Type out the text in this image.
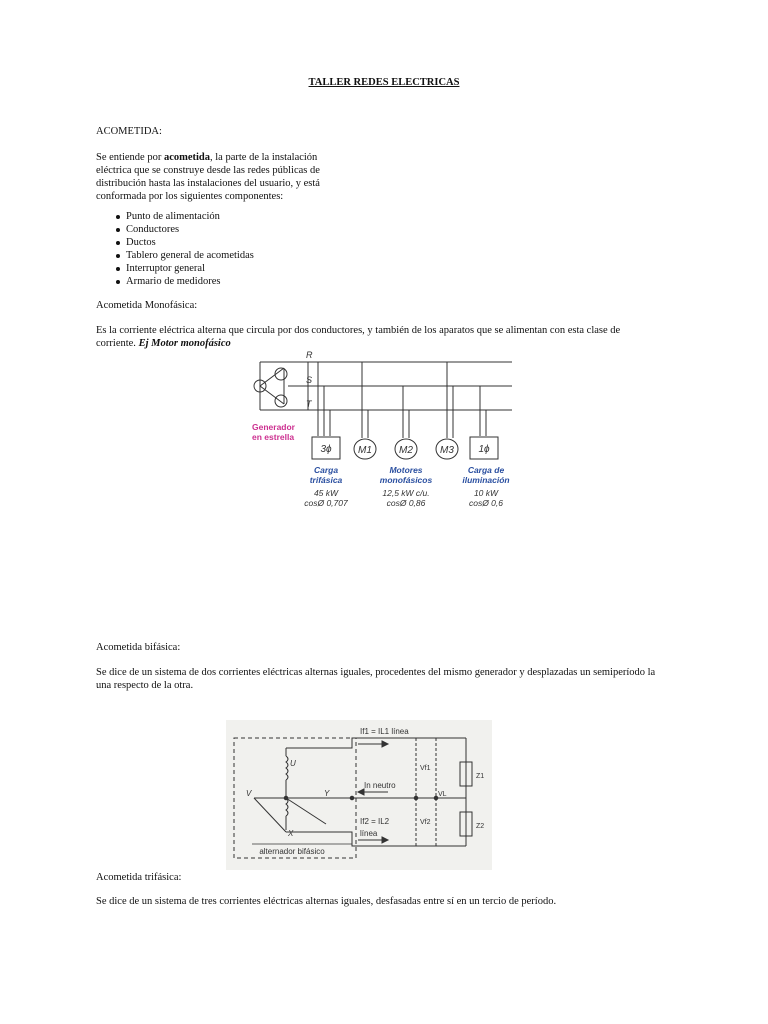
TALLER REDES ELECTRICAS
ACOMETIDA:
Se entiende por acometida, la parte de la instalación
eléctrica que se construye desde las redes públicas de
distribución hasta las instalaciones del usuario, y está
conformada por los siguientes componentes:
Punto de alimentación
Conductores
Ductos
Tablero general de acometidas
Interruptor general
Armario de medidores
Acometida Monofásica:
Es la corriente eléctrica alterna que circula por dos conductores, y también de los aparatos que se alimentan con esta clase de
corriente. Ej Motor monofásico
R
S
T
3ϕ	M1	M2	M3 1ϕ
Generador
en estrella
Carga
trifásica
45 kW
cosØ 0,707
Motores
monofásicos
12,5 kW c/u.
cosØ 0,86
Carga de
iluminación
10 kW
cosØ 0,6
Acometida bifásica:
Se dice de un sistema de dos corrientes eléctricas alternas iguales, procedentes del mismo generador y desplazadas un semiperíodo la
una respecto de la otra.
alternador bifásico
U
V	Y
X
If1 = IL1 línea
In neutro
If2 = IL2
línea
Vf1
VL
Vf2
Z1
Z2
Acometida trifásica:
Se dice de un sistema de tres corrientes eléctricas alternas iguales, desfasadas entre sí en un tercio de período.
